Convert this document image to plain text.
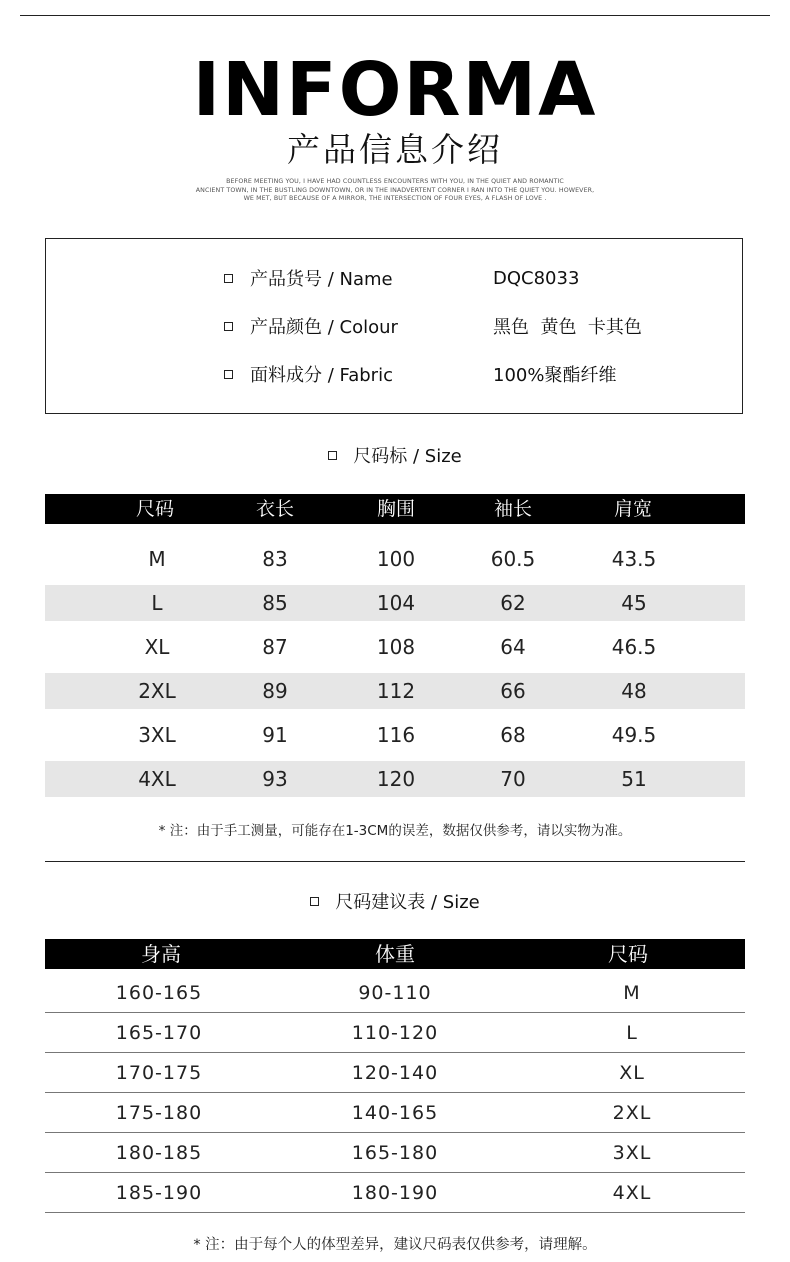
INFORMA
产品信息介绍
BEFORE MEETING YOU, I HAVE HAD COUNTLESS ENCOUNTERS WITH YOU, IN THE QUIET AND ROMANTIC
ANCIENT TOWN, IN THE BUSTLING DOWNTOWN, OR IN THE INADVERTENT CORNER I RAN INTO THE QUIET YOU. HOWEVER,
WE MET, BUT BECAUSE OF A MIRROR, THE INTERSECTION OF FOUR EYES, A FLASH OF LOVE .
产品货号 / Name	DQC8033
产品颜色 / Colour	黑色  黄色  卡其色
面料成分 / Fabric	100%聚酯纤维
尺码标 / Size
尺码	衣长	胸围	袖长	肩宽
M	83	100	60.5	43.5
L	85	104	62	45
XL	87	108	64	46.5
2XL	89	112	66	48
3XL	91	116	68	49.5
4XL	93	120	70	51
* 注：由于手工测量，可能存在1-3CM的误差，数据仅供参考，请以实物为准。
尺码建议表 / Size
身高	体重	尺码
160-165	90-110	M
165-170	110-120	L
170-175	120-140	XL
175-180	140-165	2XL
180-185	165-180	3XL
185-190	180-190	4XL
* 注：由于每个人的体型差异，建议尺码表仅供参考，请理解。
